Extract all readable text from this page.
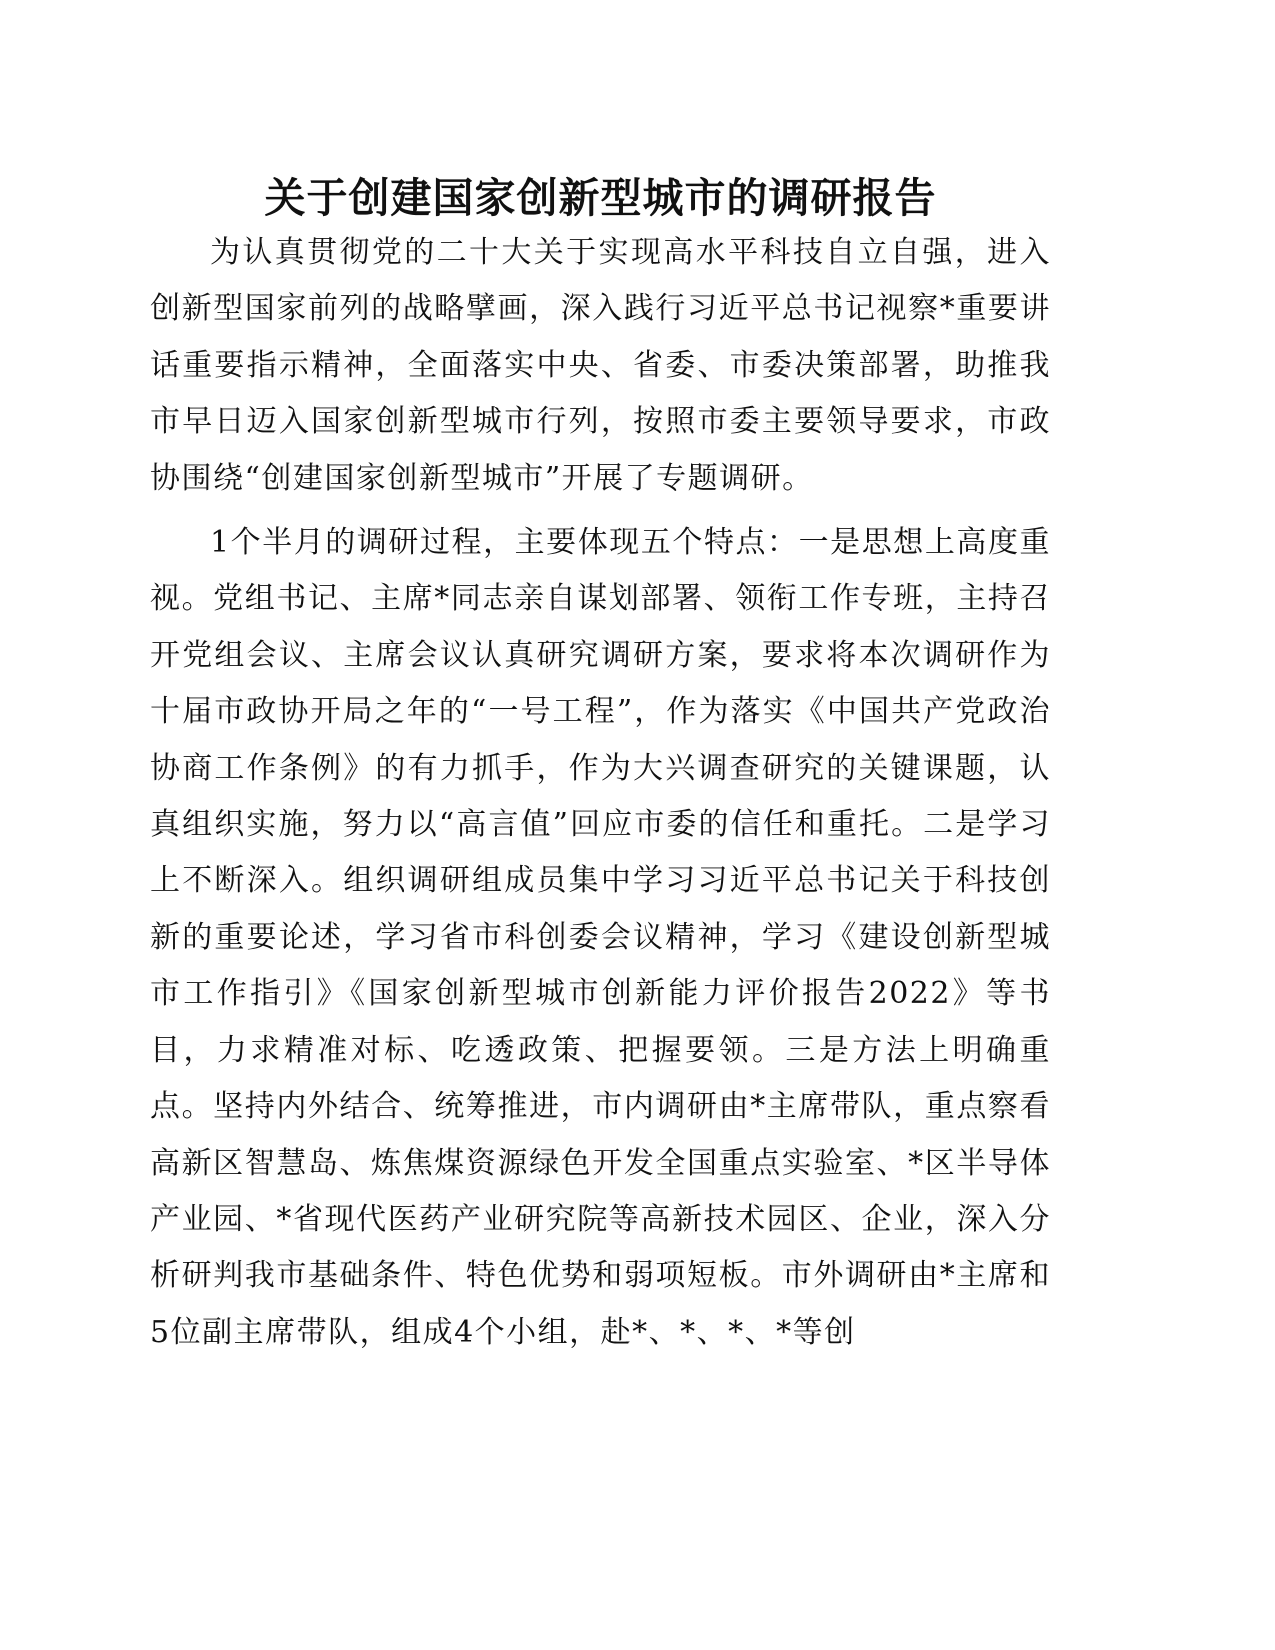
关于创建国家创新型城市的调研报告

为认真贯彻党的二十大关于实现高水平科技自立自强，进入创新型国家前列的战略擘画，深入践行习近平总书记视察*重要讲话重要指示精神，全面落实中央、省委、市委决策部署，助推我市早日迈入国家创新型城市行列，按照市委主要领导要求，市政协围绕“创建国家创新型城市”开展了专题调研。

1个半月的调研过程，主要体现五个特点：一是思想上高度重视。党组书记、主席*同志亲自谋划部署、领衔工作专班，主持召开党组会议、主席会议认真研究调研方案，要求将本次调研作为十届市政协开局之年的“一号工程”，作为落实《中国共产党政治协商工作条例》的有力抓手，作为大兴调查研究的关键课题，认真组织实施，努力以“高言值”回应市委的信任和重托。二是学习上不断深入。组织调研组成员集中学习习近平总书记关于科技创新的重要论述，学习省市科创委会议精神，学习《建设创新型城市工作指引》《国家创新型城市创新能力评价报告2022》等书目，力求精准对标、吃透政策、把握要领。三是方法上明确重点。坚持内外结合、统筹推进，市内调研由*主席带队，重点察看高新区智慧岛、炼焦煤资源绿色开发全国重点实验室、*区半导体产业园、*省现代医药产业研究院等高新技术园区、企业，深入分析研判我市基础条件、特色优势和弱项短板。市外调研由*主席和5位副主席带队，组成4个小组，赴*、*、*、*等创
